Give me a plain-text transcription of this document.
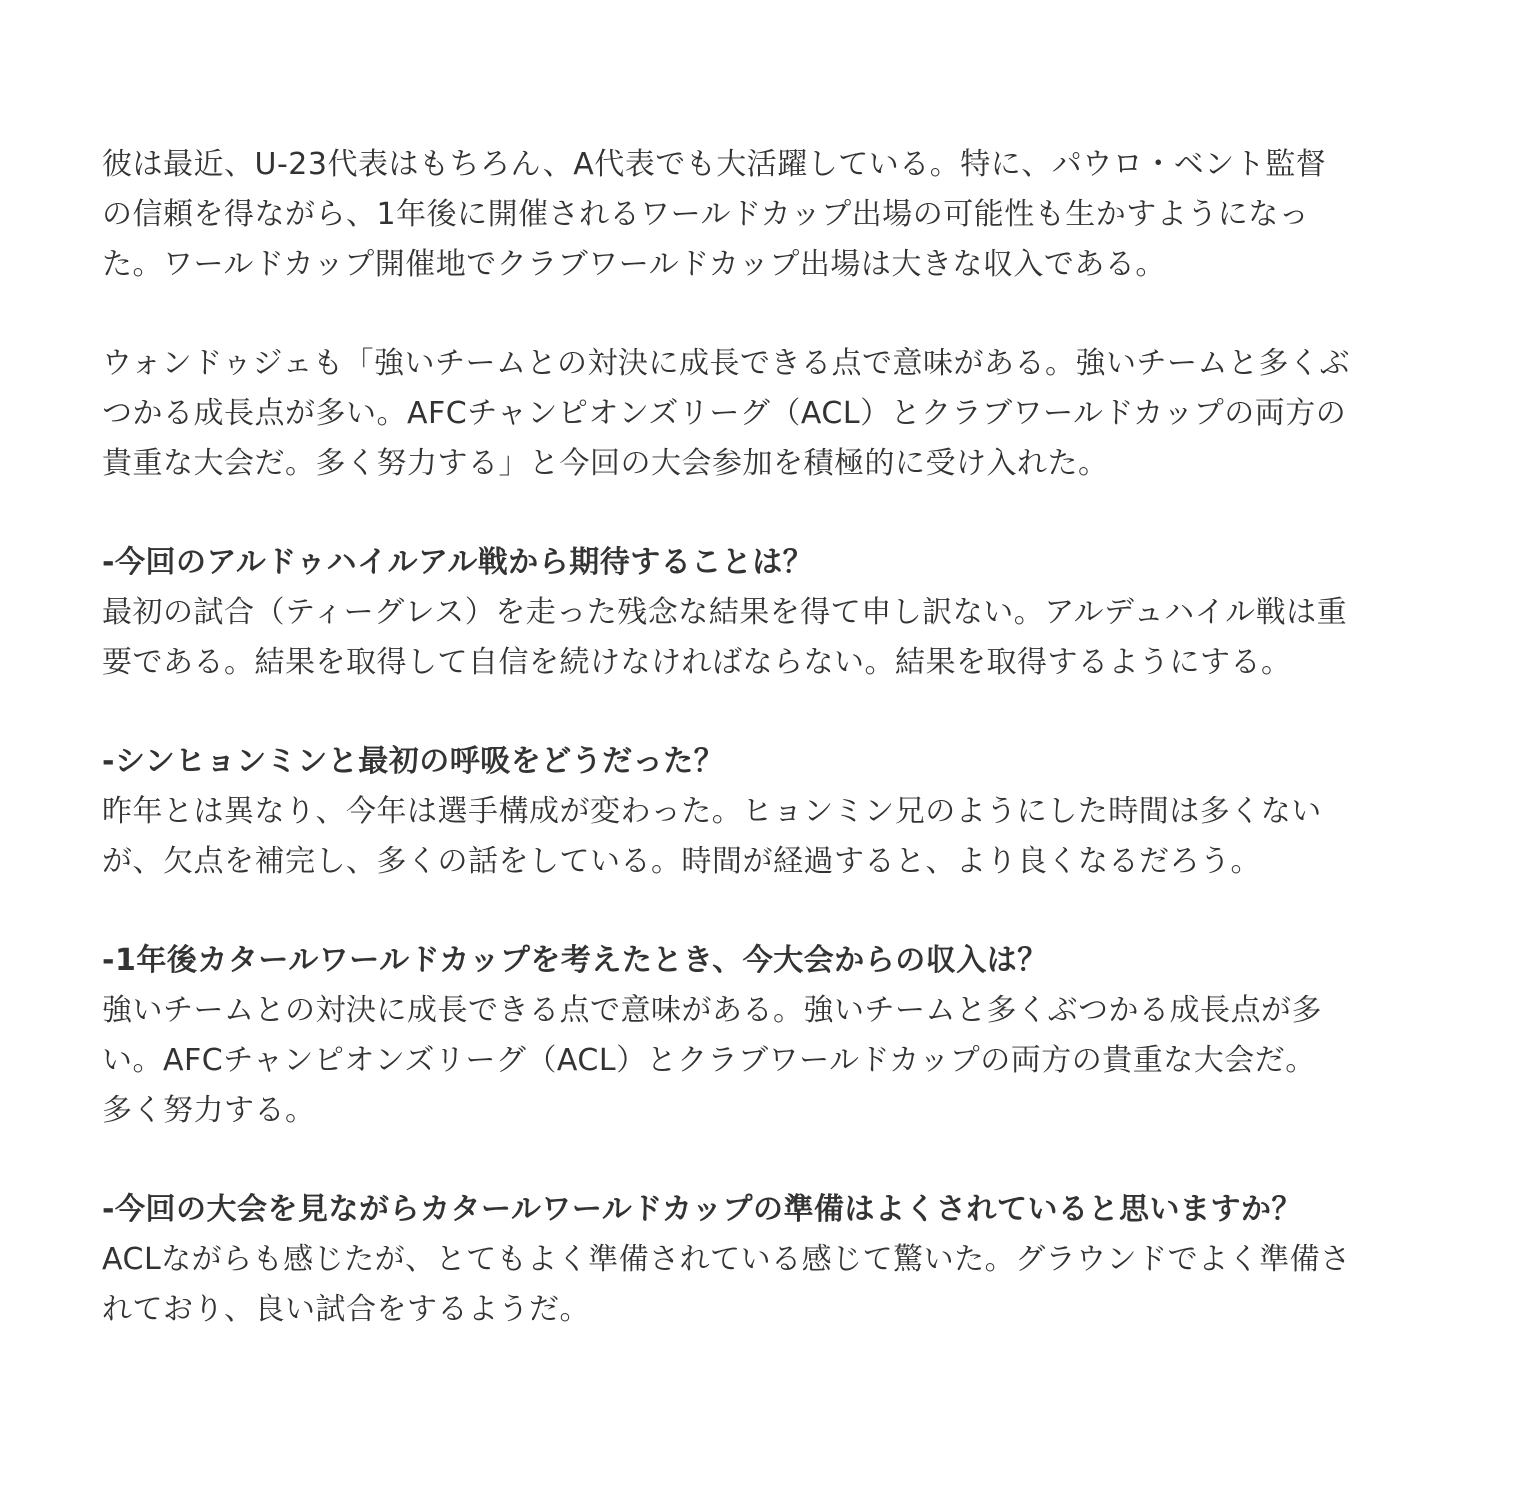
彼は最近、U-23代表はもちろん、A代表でも大活躍している。特に、パウロ・ベント監督
の信頼を得ながら、1年後に開催されるワールドカップ出場の可能性も生かすようになっ
た。ワールドカップ開催地でクラブワールドカップ出場は大きな収入である。

ウォンドゥジェも「強いチームとの対決に成長できる点で意味がある。強いチームと多くぶ
つかる成長点が多い。AFCチャンピオンズリーグ（ACL）とクラブワールドカップの両方の
貴重な大会だ。多く努力する」と今回の大会参加を積極的に受け入れた。

-今回のアルドゥハイルアル戦から期待することは？

最初の試合（ティーグレス）を走った残念な結果を得て申し訳ない。アルデュハイル戦は重
要である。結果を取得して自信を続けなければならない。結果を取得するようにする。

-シンヒョンミンと最初の呼吸をどうだった？

昨年とは異なり、今年は選手構成が変わった。ヒョンミン兄のようにした時間は多くない
が、欠点を補完し、多くの話をしている。時間が経過すると、より良くなるだろう。

-1年後カタールワールドカップを考えたとき、今大会からの収入は？

強いチームとの対決に成長できる点で意味がある。強いチームと多くぶつかる成長点が多
い。AFCチャンピオンズリーグ（ACL）とクラブワールドカップの両方の貴重な大会だ。
多く努力する。

-今回の大会を見ながらカタールワールドカップの準備はよくされていると思いますか？

ACLながらも感じたが、とてもよく準備されている感じて驚いた。グラウンドでよく準備さ
れており、良い試合をするようだ。
